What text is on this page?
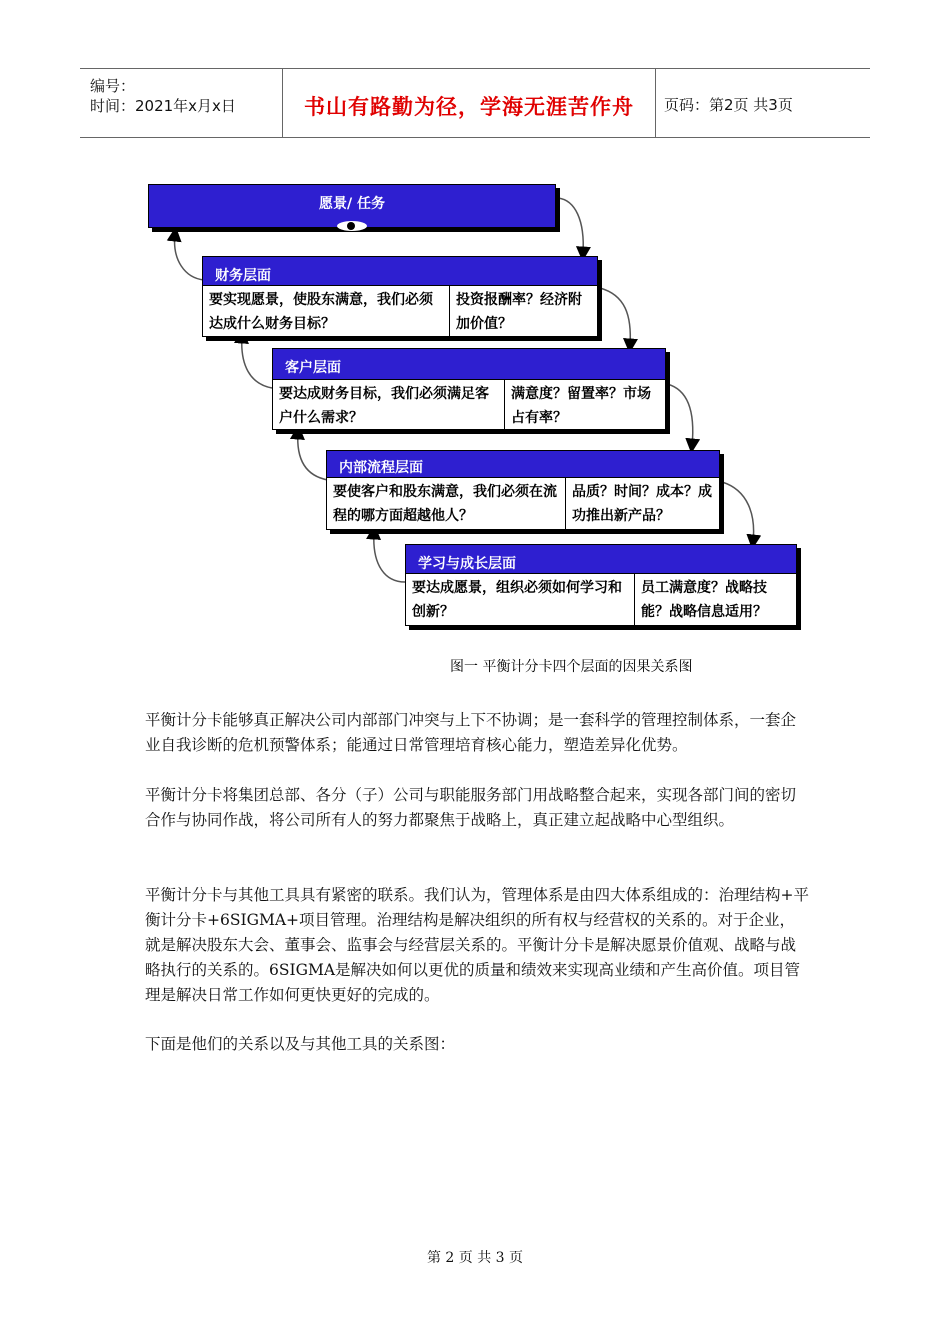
编号：
时间：2021年x月x日	书山有路勤为径，学海无涯苦作舟	页码：第2页 共3页
愿景/ 任务
财务层面
要实现愿景，使股东满意，我们必须达成什么财务目标？
投资报酬率？经济附加价值？
客户层面
要达成财务目标，我们必须满足客户什么需求？
满意度？留置率？市场占有率？
内部流程层面
要使客户和股东满意，我们必须在流程的哪方面超越他人？
品质？时间？成本？成功推出新产品？
学习与成长层面
要达成愿景，组织必须如何学习和创新？
员工满意度？战略技能？战略信息适用？
图一 平衡计分卡四个层面的因果关系图
平衡计分卡能够真正解决公司内部部门冲突与上下不协调；是一套科学的管理控制体系，一套企业自我诊断的危机预警体系；能通过日常管理培育核心能力，塑造差异化优势。
平衡计分卡将集团总部、各分（子）公司与职能服务部门用战略整合起来，实现各部门间的密切合作与协同作战，将公司所有人的努力都聚焦于战略上，真正建立起战略中心型组织。
平衡计分卡与其他工具具有紧密的联系。我们认为，管理体系是由四大体系组成的：治理结构+平衡计分卡+6SIGMA+项目管理。治理结构是解决组织的所有权与经营权的关系的。对于企业，就是解决股东大会、董事会、监事会与经营层关系的。平衡计分卡是解决愿景价值观、战略与战略执行的关系的。6SIGMA是解决如何以更优的质量和绩效来实现高业绩和产生高价值。项目管理是解决日常工作如何更快更好的完成的。
下面是他们的关系以及与其他工具的关系图：
第 2 页 共 3 页
